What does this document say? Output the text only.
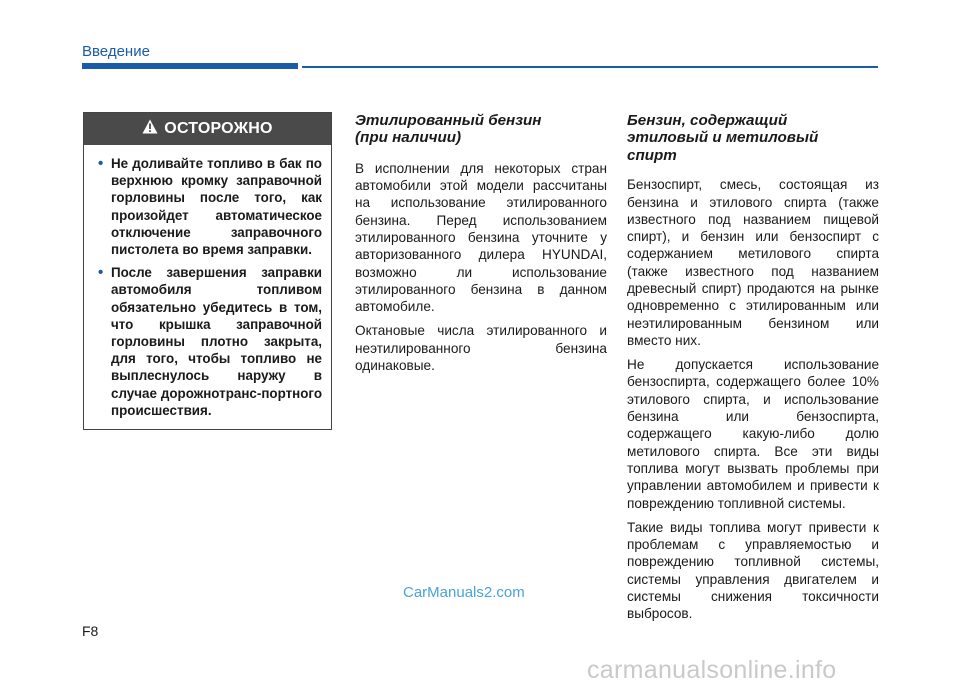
Введение
ОСТОРОЖНО
• Не доливайте топливо в бак по верхнюю кромку заправочной горловины после того, как произойдет автоматическое отключение заправочного пистолета во время заправки.
• После завершения заправки автомобиля топливом обязательно убедитесь в том, что крышка заправочной горловины плотно закрыта, для того, чтобы топливо не выплеснулось наружу в случае дорожнотранс-портного происшествия.
Этилированный бензин
(при наличии)

В исполнении для некоторых стран автомобили этой модели рассчитаны на использование этилированного бензина. Перед использованием этилированного бензина уточните у авторизованного дилера HYUNDAI, возможно ли использование этилированного бензина в данном автомобиле.

Октановые числа этилированного и неэтилированного бензина одинаковые.

Бензин, содержащий
этиловый и метиловый
спирт

Бензоспирт, смесь, состоящая из бензина и этилового спирта (также известного под названием пищевой спирт), и бензин или бензоспирт с содержанием метилового спирта (также известного под названием древесный спирт) продаются на рынке одновременно с этилированным или неэтилированным бензином или вместо них.

Не допускается использование бензоспирта, содержащего более 10% этилового спирта, и использование бензина или бензоспирта, содержащего какую-либо долю метилового спирта. Все эти виды топлива могут вызвать проблемы при управлении автомобилем и привести к повреждению топливной системы.

Такие виды топлива могут привести к проблемам с управляемостью и повреждению топливной системы, системы управления двигателем и системы снижения токсичности выбросов.

F8
CarManuals2.com
carmanualsonline.info
